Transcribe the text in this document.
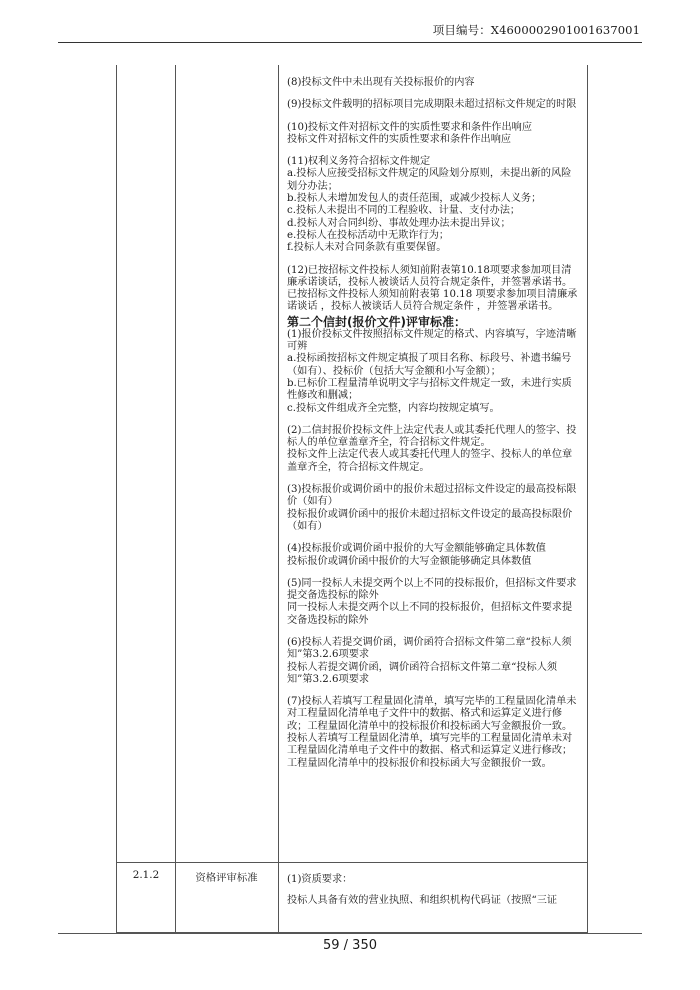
项目编号：X4600002901001637001

(8)投标文件中未出现有关投标报价的内容

(9)投标文件载明的招标项目完成期限未超过招标文件规定的时限

(10)投标文件对招标文件的实质性要求和条件作出响应

投标文件对招标文件的实质性要求和条件作出响应

(11)权利义务符合招标文件规定

a.投标人应接受招标文件规定的风险划分原则，未提出新的风险划分办法；

b.投标人未增加发包人的责任范围，或减少投标人义务；

c.投标人未提出不同的工程验收、计量、支付办法；

d.投标人对合同纠纷、事故处理办法未提出异议；

e.投标人在投标活动中无欺诈行为；

f.投标人未对合同条款有重要保留。

(12)已按招标文件投标人须知前附表第10.18项要求参加项目清廉承诺谈话，投标人被谈话人员符合规定条件，并签署承诺书。

已按招标文件投标人须知前附表第 10.18 项要求参加项目清廉承诺谈话 ，投标人被谈话人员符合规定条件 ，并签署承诺书。

第二个信封(报价文件)评审标准：

(1)报价投标文件按照招标文件规定的格式、内容填写，字迹清晰可辨

a.投标函按招标文件规定填报了项目名称、标段号、补遗书编号（如有）、投标价（包括大写金额和小写金额）；

b.已标价工程量清单说明文字与招标文件规定一致，未进行实质性修改和删减；

c.投标文件组成齐全完整，内容均按规定填写。

(2)二信封报价投标文件上法定代表人或其委托代理人的签字、投标人的单位章盖章齐全，符合招标文件规定。

投标文件上法定代表人或其委托代理人的签字、投标人的单位章盖章齐全，符合招标文件规定。

(3)投标报价或调价函中的报价未超过招标文件设定的最高投标限价（如有）

投标报价或调价函中的报价未超过招标文件设定的最高投标限价（如有）

(4)投标报价或调价函中报价的大写金额能够确定具体数值

投标报价或调价函中报价的大写金额能够确定具体数值

(5)同一投标人未提交两个以上不同的投标报价，但招标文件要求提交备选投标的除外

同一投标人未提交两个以上不同的投标报价，但招标文件要求提交备选投标的除外

(6)投标人若提交调价函，调价函符合招标文件第二章“投标人须知”第3.2.6项要求

投标人若提交调价函，调价函符合招标文件第二章“投标人须知”第3.2.6项要求

(7)投标人若填写工程量固化清单，填写完毕的工程量固化清单未对工程量固化清单电子文件中的数据、格式和运算定义进行修改；工程量固化清单中的投标报价和投标函大写金额报价一致。

投标人若填写工程量固化清单，填写完毕的工程量固化清单未对工程量固化清单电子文件中的数据、格式和运算定义进行修改；工程量固化清单中的投标报价和投标函大写金额报价一致。

2.1.2	资格评审标准	(1)资质要求：

投标人具备有效的营业执照、和组织机构代码证（按照“三证

59 / 350
